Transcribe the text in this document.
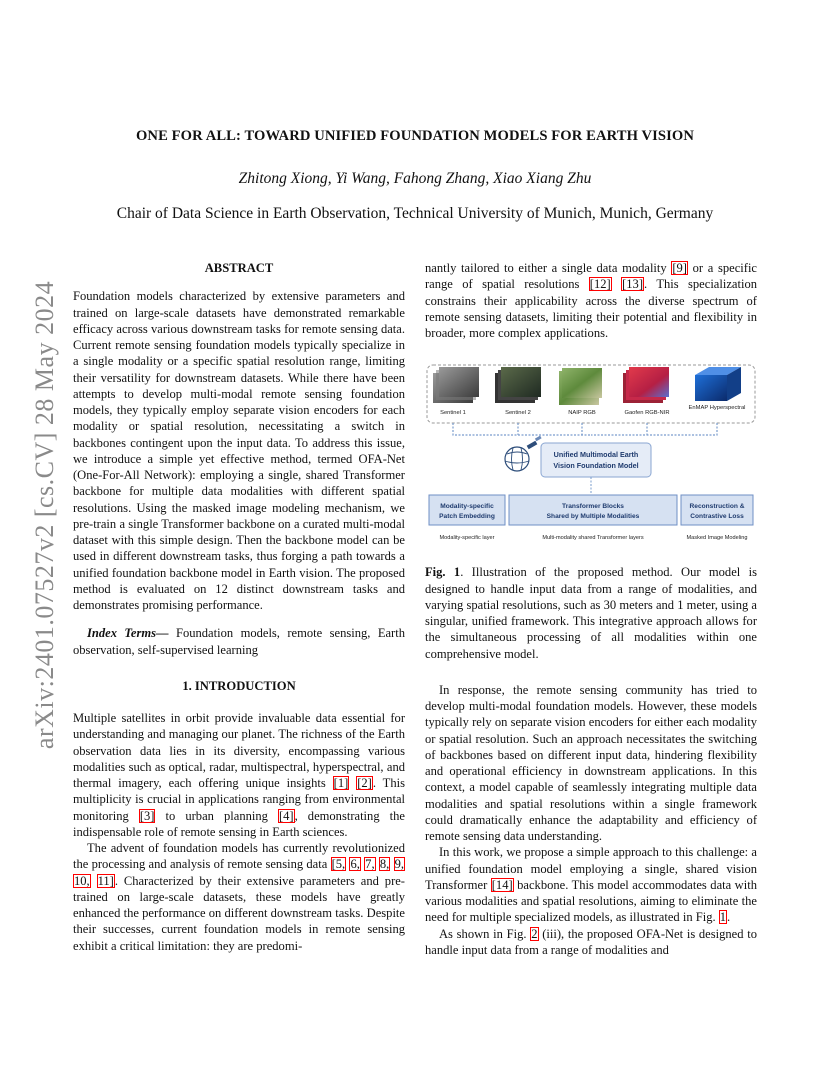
arXiv:2401.07527v2 [cs.CV] 28 May 2024
ONE FOR ALL: TOWARD UNIFIED FOUNDATION MODELS FOR EARTH VISION
Zhitong Xiong, Yi Wang, Fahong Zhang, Xiao Xiang Zhu
Chair of Data Science in Earth Observation, Technical University of Munich, Munich, Germany
ABSTRACT

Foundation models characterized by extensive parameters and trained on large-scale datasets have demonstrated remarkable efficacy across various downstream tasks for remote sensing data. Current remote sensing foundation models typically specialize in a single modality or a specific spatial resolution range, limiting their versatility for downstream datasets. While there have been attempts to develop multi-modal remote sensing foundation models, they typically employ separate vision encoders for each modality or spatial resolution, necessitating a switch in backbones contingent upon the input data. To address this issue, we introduce a simple yet effective method, termed OFA-Net (One-For-All Network): employing a single, shared Transformer backbone for multiple data modalities with different spatial resolutions. Using the masked image modeling mechanism, we pre-train a single Transformer backbone on a curated multi-modal dataset with this simple design. Then the backbone model can be used in different downstream tasks, thus forging a path towards a unified foundation backbone model in Earth vision. The proposed method is evaluated on 12 distinct downstream tasks and demonstrates promising performance.

Index Terms— Foundation models, remote sensing, Earth observation, self-supervised learning

1. INTRODUCTION

Multiple satellites in orbit provide invaluable data essential for understanding and managing our planet. The richness of the Earth observation data lies in its diversity, encompassing various modalities such as optical, radar, multispectral, hyperspectral, and thermal imagery, each offering unique insights [1] [2]. This multiplicity is crucial in applications ranging from environmental monitoring [3] to urban planning [4], demonstrating the indispensable role of remote sensing in Earth sciences.

The advent of foundation models has currently revolutionized the processing and analysis of remote sensing data [5, 6, 7, 8, 9, 10, 11]. Characterized by their extensive parameters and pre-trained on large-scale datasets, these models have greatly enhanced the performance on different downstream tasks. Despite their successes, current foundation models in remote sensing exhibit a critical limitation: they are predomi-

nantly tailored to either a single data modality [9] or a specific range of spatial resolutions [12] [13]. This specialization constrains their applicability across the diverse spectrum of remote sensing datasets, limiting their potential and flexibility in broader, more complex applications.

Sentinel 1	Sentinel 2	NAIP RGB	Gaofen RGB-NIR
EnMAP Hyperspectral
Unified Multimodal Earth
Vision Foundation Model
Modality-specific
Patch Embedding
Transformer Blocks
Shared by Multiple Modalities
Reconstruction &
Contrastive Loss
Modality-specific layer	Multi-modality shared Transformer layers	Masked Image Modeling

Fig. 1. Illustration of the proposed method. Our model is designed to handle input data from a range of modalities, and varying spatial resolutions, such as 30 meters and 1 meter, using a singular, unified framework. This integrative approach allows for the simultaneous processing of all modalities within one comprehensive model.

In response, the remote sensing community has tried to develop multi-modal foundation models. However, these models typically rely on separate vision encoders for either each modality or spatial resolution. Such an approach necessitates the switching of backbones based on different input data, hindering flexibility and operational efficiency in downstream applications. In this context, a model capable of seamlessly integrating multiple data modalities and spatial resolutions within a single framework could dramatically enhance the adaptability and efficiency of remote sensing data understanding.

In this work, we propose a simple approach to this challenge: a unified foundation model employing a single, shared vision Transformer [14] backbone. This model accommodates data with various modalities and spatial resolutions, aiming to eliminate the need for multiple specialized models, as illustrated in Fig. 1.

As shown in Fig. 2 (iii), the proposed OFA-Net is designed to handle input data from a range of modalities and
